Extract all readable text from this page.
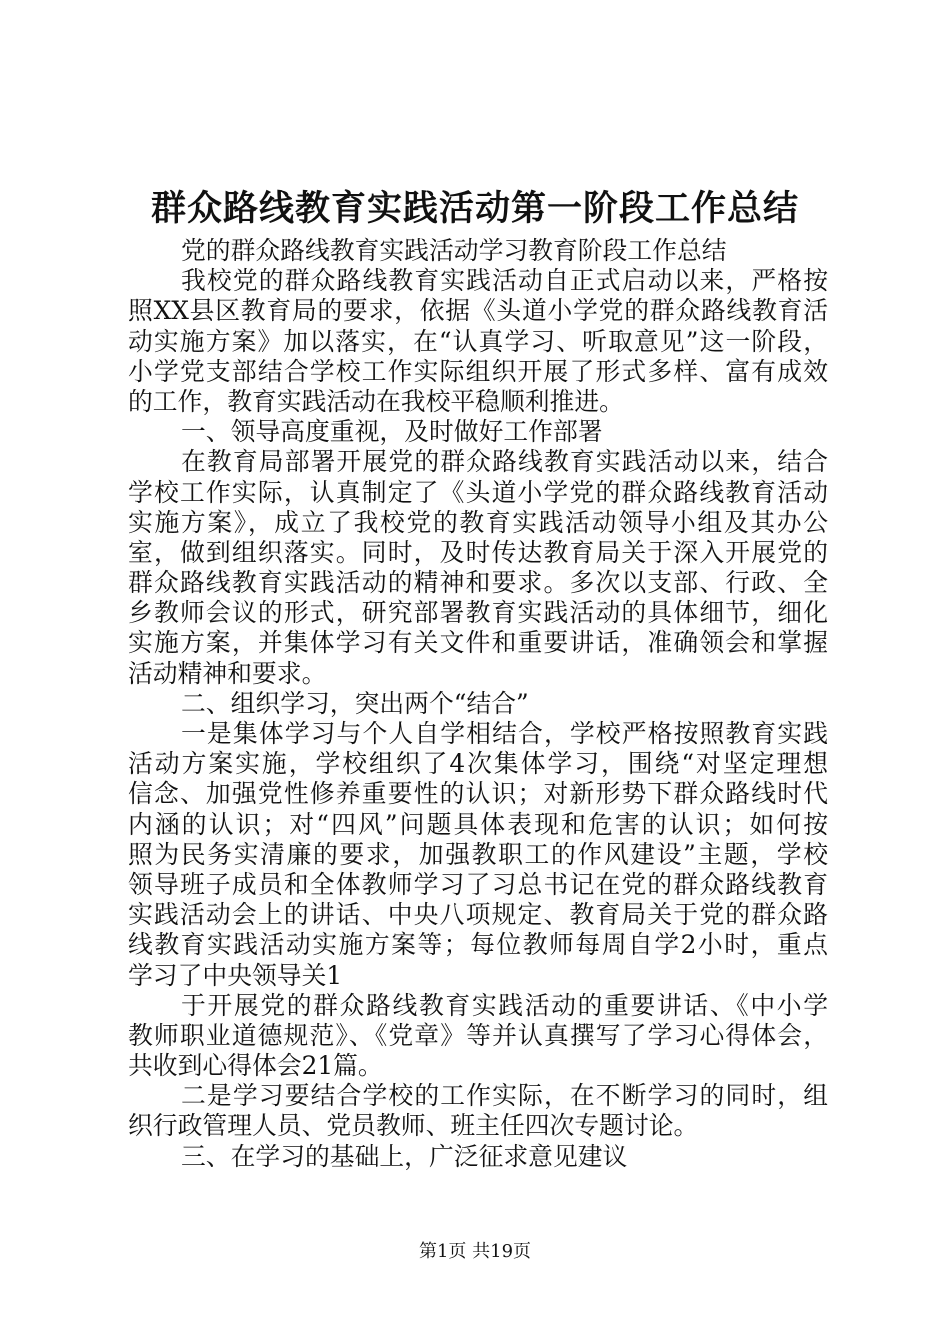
群众路线教育实践活动第一阶段工作总结
党的群众路线教育实践活动学习教育阶段工作总结
我校党的群众路线教育实践活动自正式启动以来，严格按
照XX县区教育局的要求，依据《头道小学党的群众路线教育活
动实施方案》加以落实，在“认真学习、听取意见”这一阶段，
小学党支部结合学校工作实际组织开展了形式多样、富有成效
的工作，教育实践活动在我校平稳顺利推进。
一、领导高度重视，及时做好工作部署
在教育局部署开展党的群众路线教育实践活动以来，结合
学校工作实际，认真制定了《头道小学党的群众路线教育活动
实施方案》，成立了我校党的教育实践活动领导小组及其办公
室，做到组织落实。同时，及时传达教育局关于深入开展党的
群众路线教育实践活动的精神和要求。多次以支部、行政、全
乡教师会议的形式，研究部署教育实践活动的具体细节，细化
实施方案，并集体学习有关文件和重要讲话，准确领会和掌握
活动精神和要求。
二、组织学习，突出两个“结合”
一是集体学习与个人自学相结合，学校严格按照教育实践
活动方案实施，学校组织了4次集体学习，围绕“对坚定理想
信念、加强党性修养重要性的认识；对新形势下群众路线时代
内涵的认识；对“四风”问题具体表现和危害的认识；如何按
照为民务实清廉的要求，加强教职工的作风建设”主题，学校
领导班子成员和全体教师学习了习总书记在党的群众路线教育
实践活动会上的讲话、中央八项规定、教育局关于党的群众路
线教育实践活动实施方案等；每位教师每周自学2小时，重点
学习了中央领导关1
于开展党的群众路线教育实践活动的重要讲话、《中小学
教师职业道德规范》、《党章》等并认真撰写了学习心得体会，
共收到心得体会21篇。
二是学习要结合学校的工作实际，在不断学习的同时，组
织行政管理人员、党员教师、班主任四次专题讨论。
三、在学习的基础上，广泛征求意见建议
第1页 共19页
